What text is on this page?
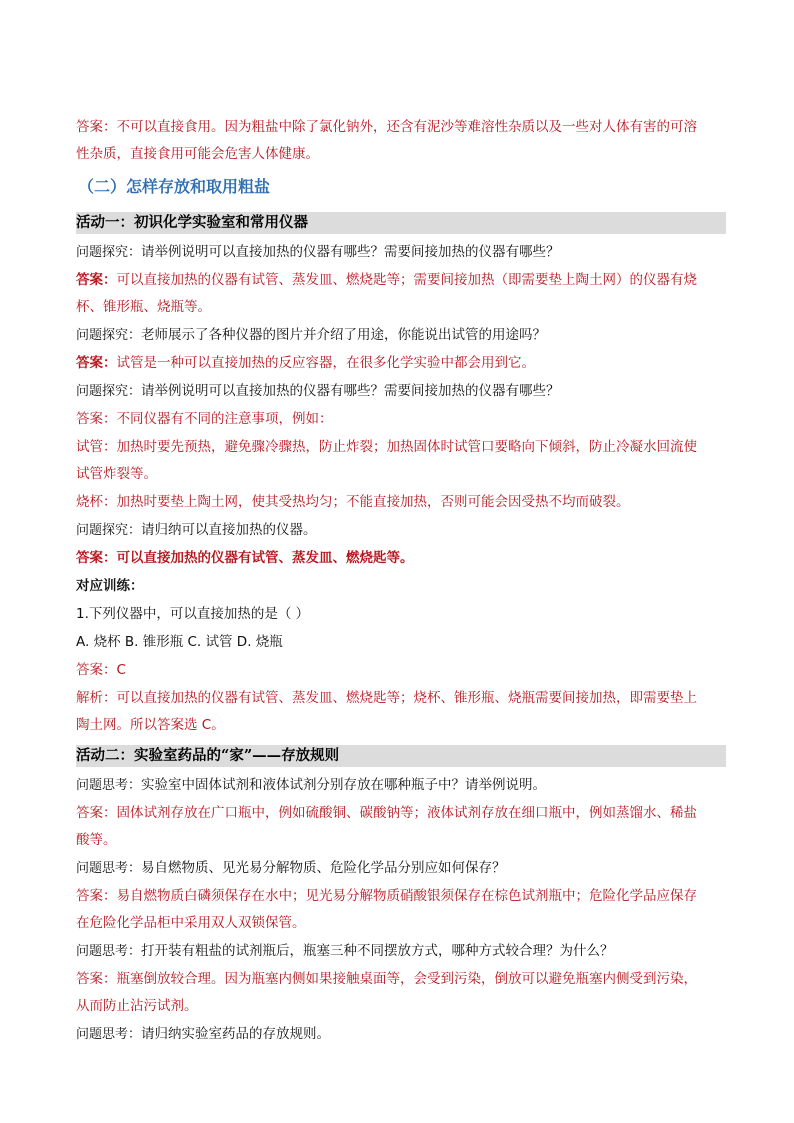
答案：不可以直接食用。因为粗盐中除了氯化钠外，还含有泥沙等难溶性杂质以及一些对人体有害的可溶
性杂质，直接食用可能会危害人体健康。
（二）怎样存放和取用粗盐
活动一：初识化学实验室和常用仪器
问题探究：请举例说明可以直接加热的仪器有哪些？需要间接加热的仪器有哪些？
答案：可以直接加热的仪器有试管、蒸发皿、燃烧匙等；需要间接加热（即需要垫上陶土网）的仪器有烧
杯、锥形瓶、烧瓶等。
问题探究：老师展示了各种仪器的图片并介绍了用途，你能说出试管的用途吗？
答案：试管是一种可以直接加热的反应容器，在很多化学实验中都会用到它。
问题探究：请举例说明可以直接加热的仪器有哪些？需要间接加热的仪器有哪些？
答案：不同仪器有不同的注意事项，例如：
试管：加热时要先预热，避免骤冷骤热，防止炸裂；加热固体时试管口要略向下倾斜，防止冷凝水回流使
试管炸裂等。
烧杯：加热时要垫上陶土网，使其受热均匀；不能直接加热，否则可能会因受热不均而破裂。
问题探究：请归纳可以直接加热的仪器。
答案：可以直接加热的仪器有试管、蒸发皿、燃烧匙等。
对应训练：
1.下列仪器中，可以直接加热的是（ ）
A. 烧杯 B. 锥形瓶 C. 试管 D. 烧瓶
答案：C
解析：可以直接加热的仪器有试管、蒸发皿、燃烧匙等；烧杯、锥形瓶、烧瓶需要间接加热，即需要垫上
陶土网。所以答案选 C。
活动二：实验室药品的“家”——存放规则
问题思考：实验室中固体试剂和液体试剂分别存放在哪种瓶子中？请举例说明。
答案：固体试剂存放在广口瓶中，例如硫酸铜、碳酸钠等；液体试剂存放在细口瓶中，例如蒸馏水、稀盐
酸等。
问题思考：易自燃物质、见光易分解物质、危险化学品分别应如何保存？
答案：易自燃物质白磷须保存在水中；见光易分解物质硝酸银须保存在棕色试剂瓶中；危险化学品应保存
在危险化学品柜中采用双人双锁保管。
问题思考：打开装有粗盐的试剂瓶后，瓶塞三种不同摆放方式，哪种方式较合理？为什么？
答案：瓶塞倒放较合理。因为瓶塞内侧如果接触桌面等，会受到污染，倒放可以避免瓶塞内侧受到污染，
从而防止沾污试剂。
问题思考：请归纳实验室药品的存放规则。
